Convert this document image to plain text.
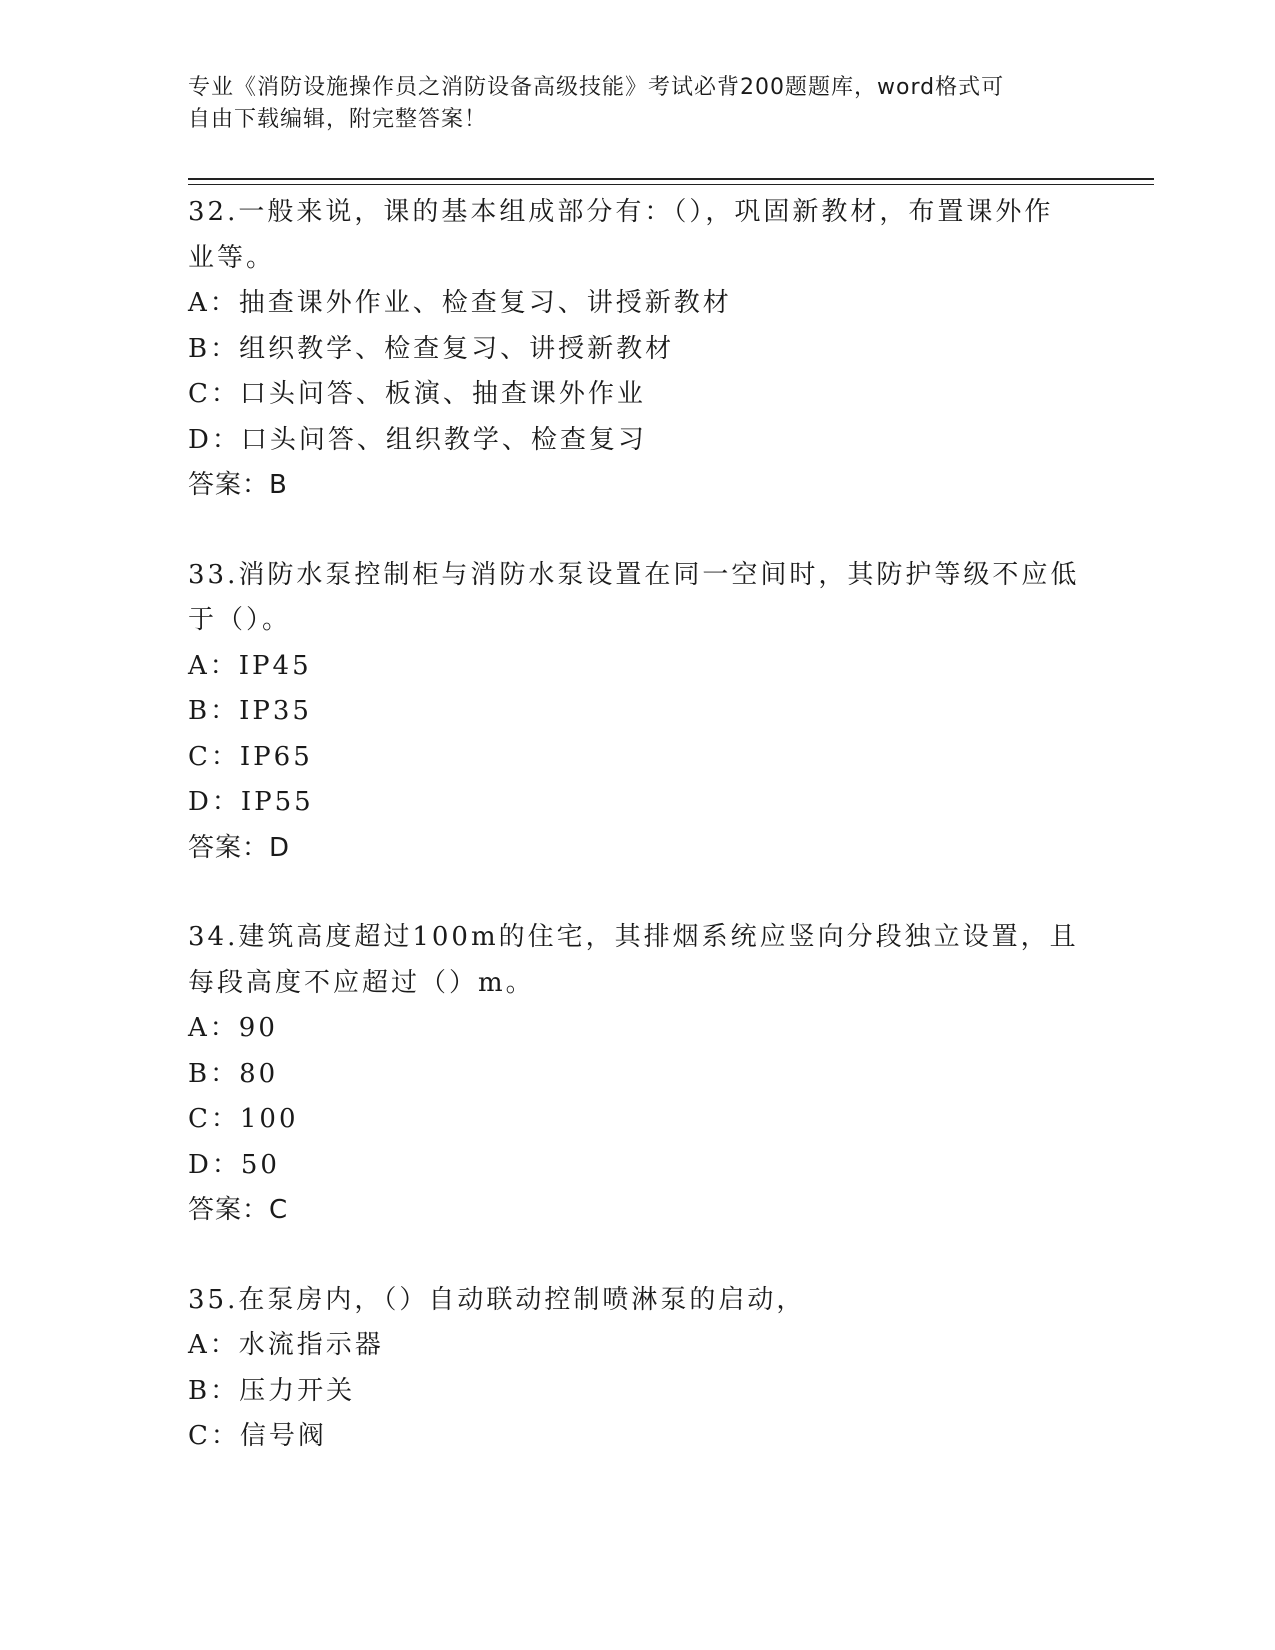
专业《消防设施操作员之消防设备高级技能》考试必背200题题库，word格式可
自由下载编辑，附完整答案！
32.一般来说，课的基本组成部分有：（），巩固新教材，布置课外作
业等。
A：抽查课外作业、检查复习、讲授新教材
B：组织教学、检查复习、讲授新教材
C：口头问答、板演、抽查课外作业
D：口头问答、组织教学、检查复习
答案：B
33.消防水泵控制柜与消防水泵设置在同一空间时，其防护等级不应低
于（）。
A：IP45
B：IP35
C：IP65
D：IP55
答案：D
34.建筑高度超过100m的住宅，其排烟系统应竖向分段独立设置，且
每段高度不应超过（）m。
A：90
B：80
C：100
D：50
答案：C
35.在泵房内，（）自动联动控制喷淋泵的启动，
A：水流指示器
B：压力开关
C：信号阀
